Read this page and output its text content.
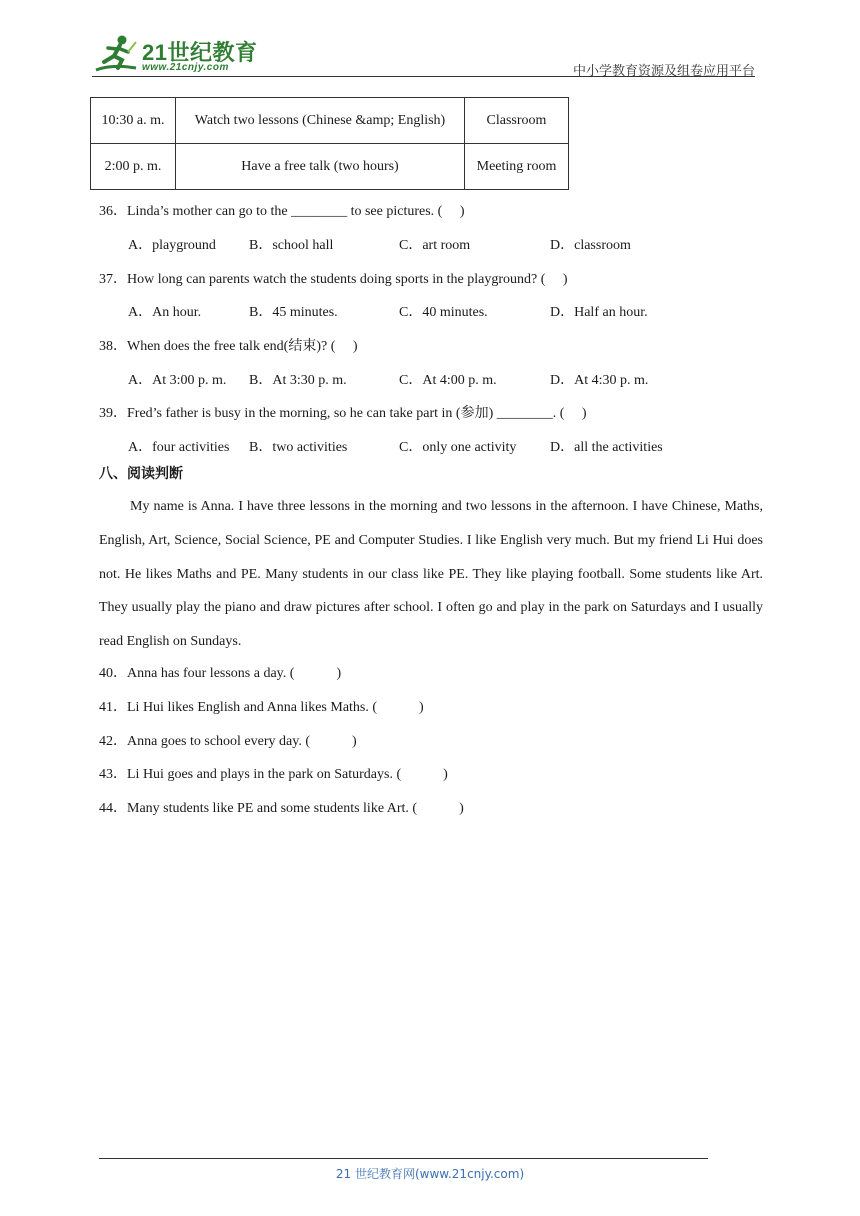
21世纪教育
www.21cnjy.com	中小学教育资源及组卷应用平台
10:30 a. m.	Watch two lessons (Chinese &amp; English)	Classroom
2:00 p. m.	Have a free talk (two hours)	Meeting room
36．Linda’s mother can go to the ________ to see pictures. (　 )
A．playground B．school hall	C．art room	D．classroom
37．How long can parents watch the students doing sports in the playground? (　 )
A．An hour.	B．45 minutes.	C．40 minutes.	D．Half an hour.
38．When does the free talk end(结束)? (　 )
A．At 3:00 p. m. B．At 3:30 p. m.	C．At 4:00 p. m.	D．At 4:30 p. m.
39．Fred’s father is busy in the morning, so he can take part in (参加) ________. (　 )
A．four activities B．two activities	C．only one activity D．all the activities
八、阅读判断
My name is Anna. I have three lessons in the morning and two lessons in the afternoon. I have Chinese, Maths, English, Art, Science, Social Science, PE and Computer Studies. I like English very much. But my friend Li Hui does not. He likes Maths and PE. Many students in our class like PE. They like playing football. Some students like Art. They usually play the piano and draw pictures after school. I often go and play in the park on Saturdays and I usually read English on Sundays.
40．Anna has four lessons a day. (　　　)
41．Li Hui likes English and Anna likes Maths. (　　　)
42．Anna goes to school every day. (　　　)
43．Li Hui goes and plays in the park on Saturdays. (　　　)
44．Many students like PE and some students like Art. (　　　)
21 世纪教育网(www.21cnjy.com)
